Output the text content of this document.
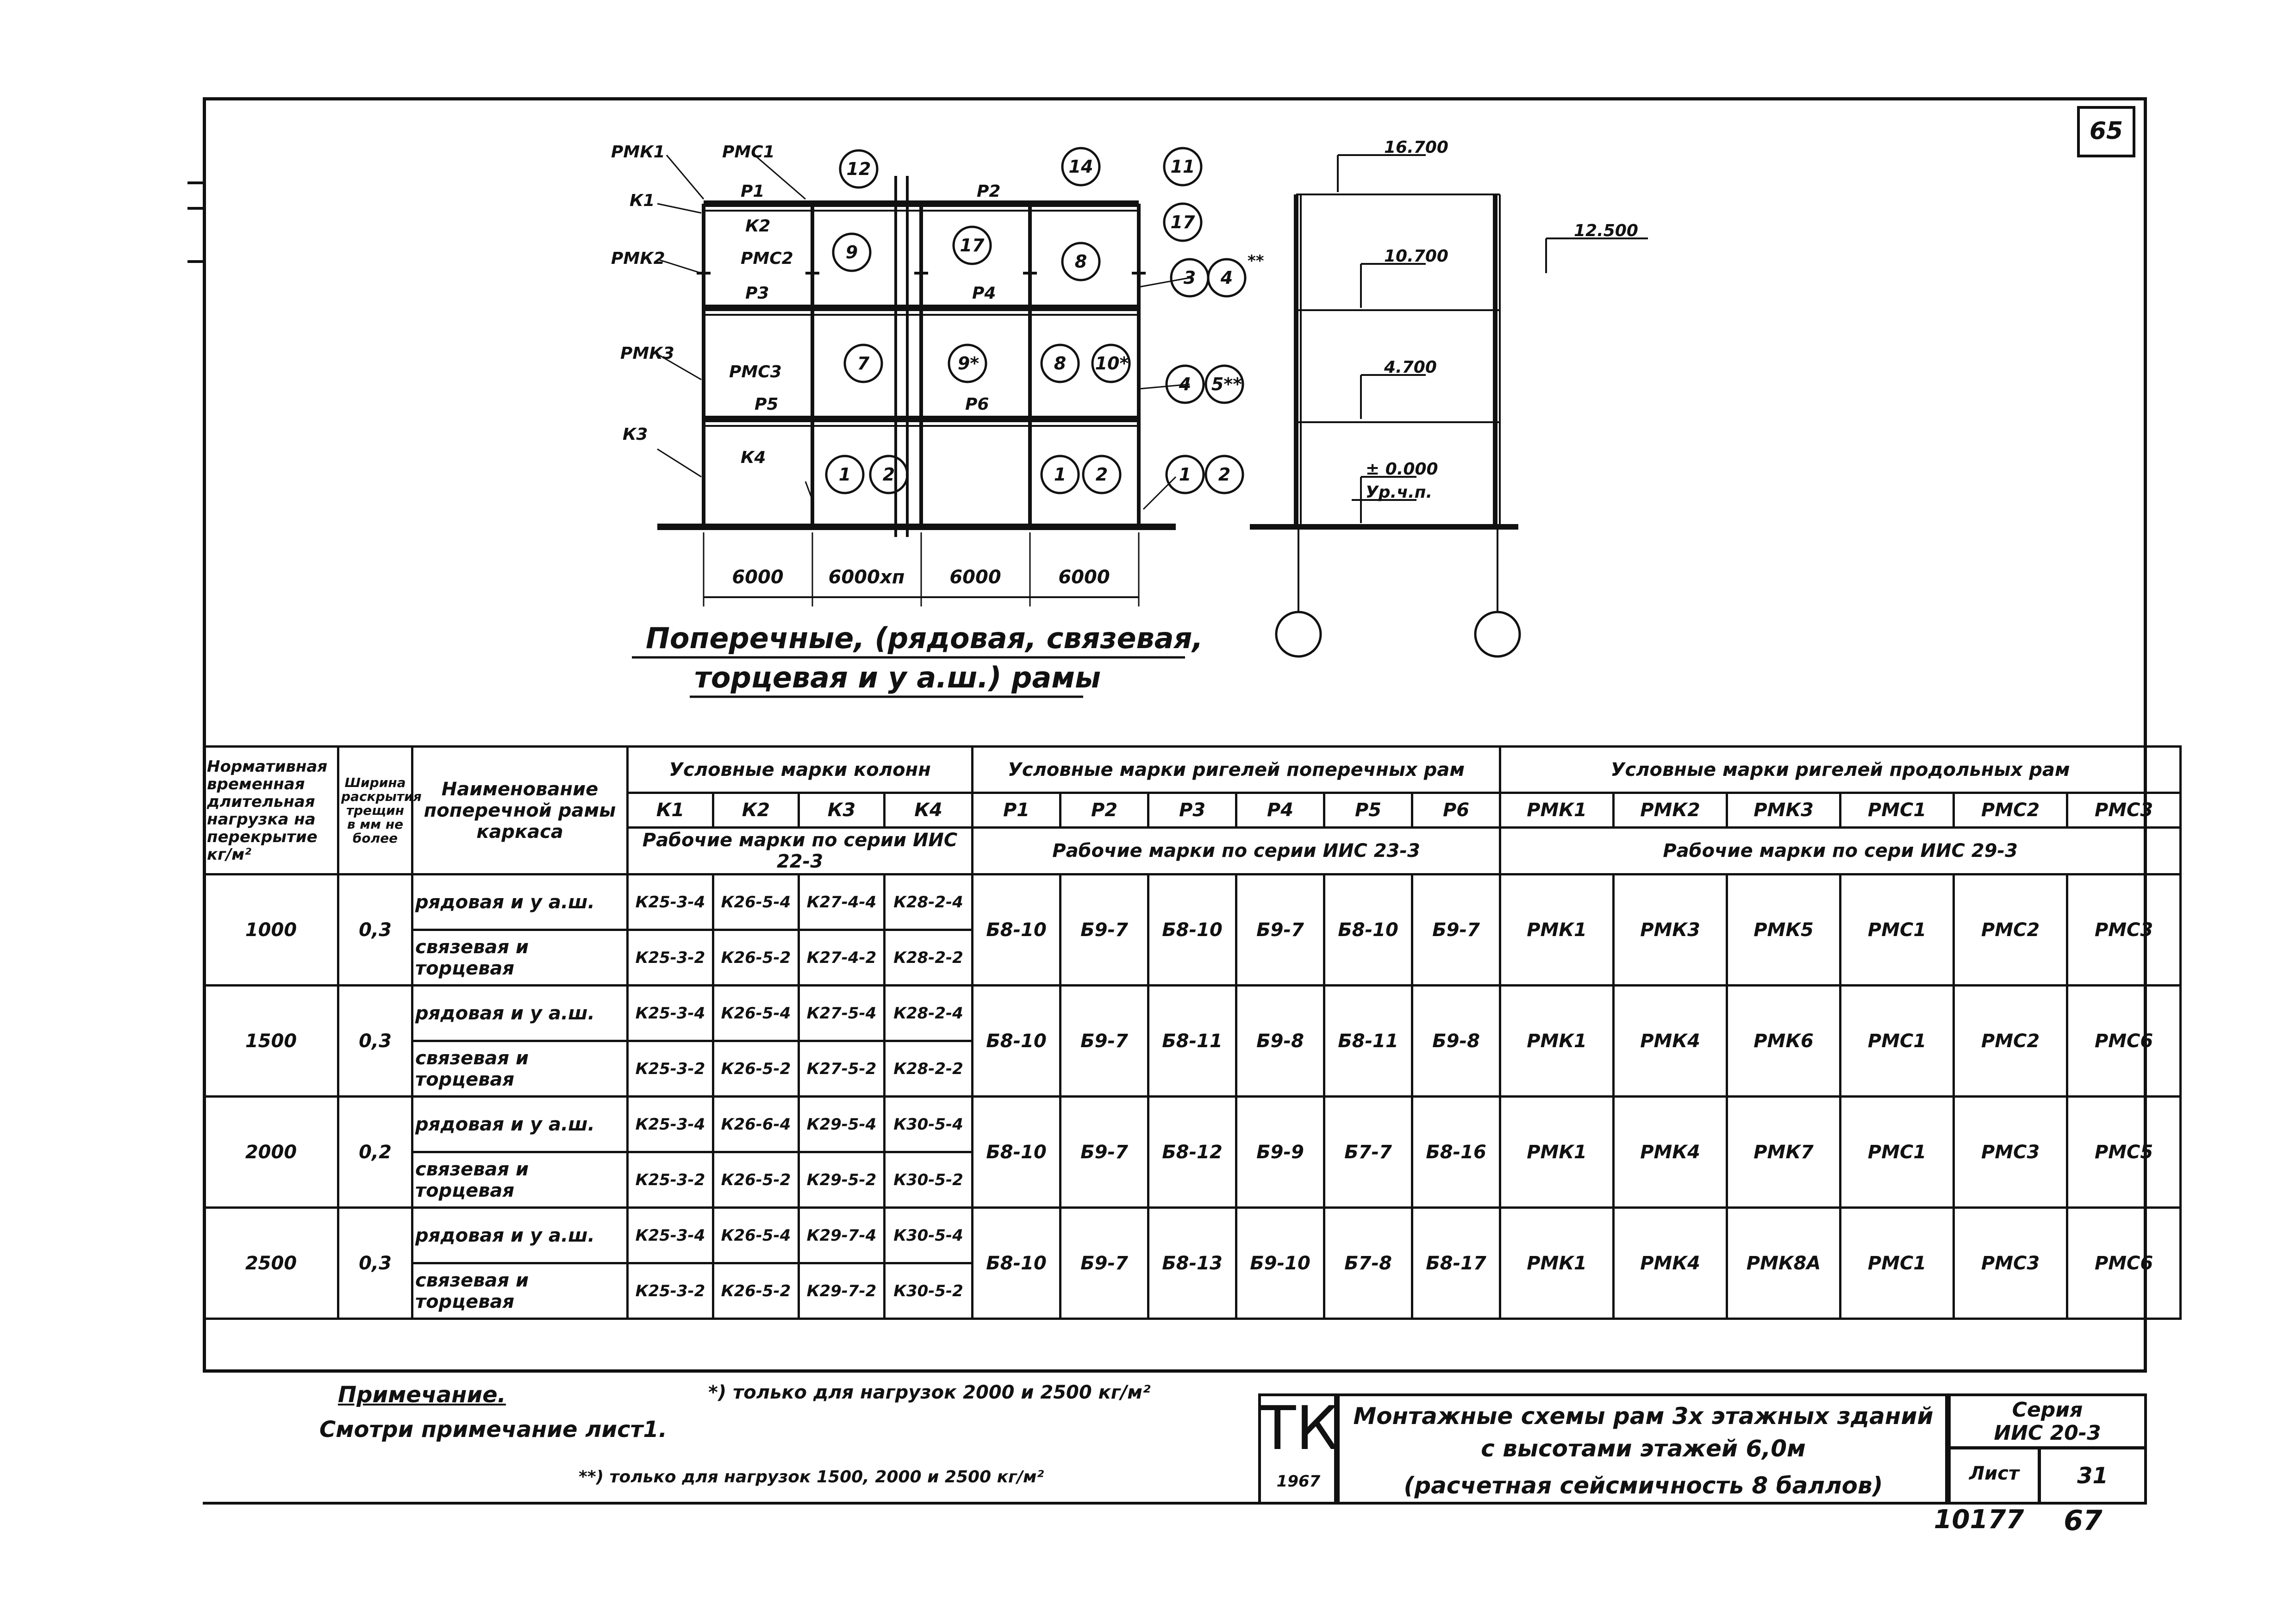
65
РМК1	РМС1
К1
РМК2	РМС2
Р1
К2
Р2
Р3	Р4
РМК3
РМС3
Р5	Р6
К3
К4
12	14	11
9	17
8
17
3 4
7	9*	8 10*
4 5**
1 2	1 2	1 2
**
6000 6000хп 6000	6000
Поперечные, (рядовая, связевая,
торцевая и у а.ш.) рамы
16.700
10.700
4.700
± 0.000
Ур.ч.п.
12.500
Нормативная временная длительная нагрузка на перекрытие кг/м²	Ширина раскрытия трещин в мм не более	Наименование поперечной рамы каркаса	Условные марки колонн				Условные марки ригелей поперечных рам						Условные марки ригелей продольных рам					
			К1	К2	К3	К4	Р1	Р2	Р3	Р4	Р5	Р6	РМК1	РМК2	РМК3	РМС1	РМС2	РМС3
			Рабочие марки по серии ИИС 22-3				Рабочие марки по серии ИИС 23-3						Рабочие марки по сери ИИС 29-3					
1000	0,3	рядовая и у а.ш.	К25-3-4	К26-5-4	К27-4-4	К28-2-4	Б8-10	Б9-7	Б8-10	Б9-7	Б8-10	Б9-7	РМК1	РМК3	РМК5	РМС1	РМС2	РМС3
		связевая и торцевая	К25-3-2	К26-5-2	К27-4-2	К28-2-2												
1500	0,3	рядовая и у а.ш.	К25-3-4	К26-5-4	К27-5-4	К28-2-4	Б8-10	Б9-7	Б8-11	Б9-8	Б8-11	Б9-8	РМК1	РМК4	РМК6	РМС1	РМС2	РМС6
		связевая и торцевая	К25-3-2	К26-5-2	К27-5-2	К28-2-2												
2000	0,2	рядовая и у а.ш.	К25-3-4	К26-6-4	К29-5-4	К30-5-4	Б8-10	Б9-7	Б8-12	Б9-9	Б7-7	Б8-16	РМК1	РМК4	РМК7	РМС1	РМС3	РМС5
		связевая и торцевая	К25-3-2	К26-5-2	К29-5-2	К30-5-2												
2500	0,3	рядовая и у а.ш.	К25-3-4	К26-5-4	К29-7-4	К30-5-4	Б8-10	Б9-7	Б8-13	Б9-10	Б7-8	Б8-17	РМК1	РМК4	РМК8А	РМС1	РМС3	РМС6
		связевая и торцевая	К25-3-2	К26-5-2	К29-7-2	К30-5-2												
Примечание.
Смотри примечание лист1.
*) только для нагрузок 2000 и 2500 кг/м²
**) только для нагрузок 1500, 2000 и 2500 кг/м²
ТК
1967
Монтажные схемы рам 3х этажных зданий
с высотами этажей 6,0м
(расчетная сейсмичность 8 баллов)
Серия
ИИС 20-3
Лист	31
10177	67
